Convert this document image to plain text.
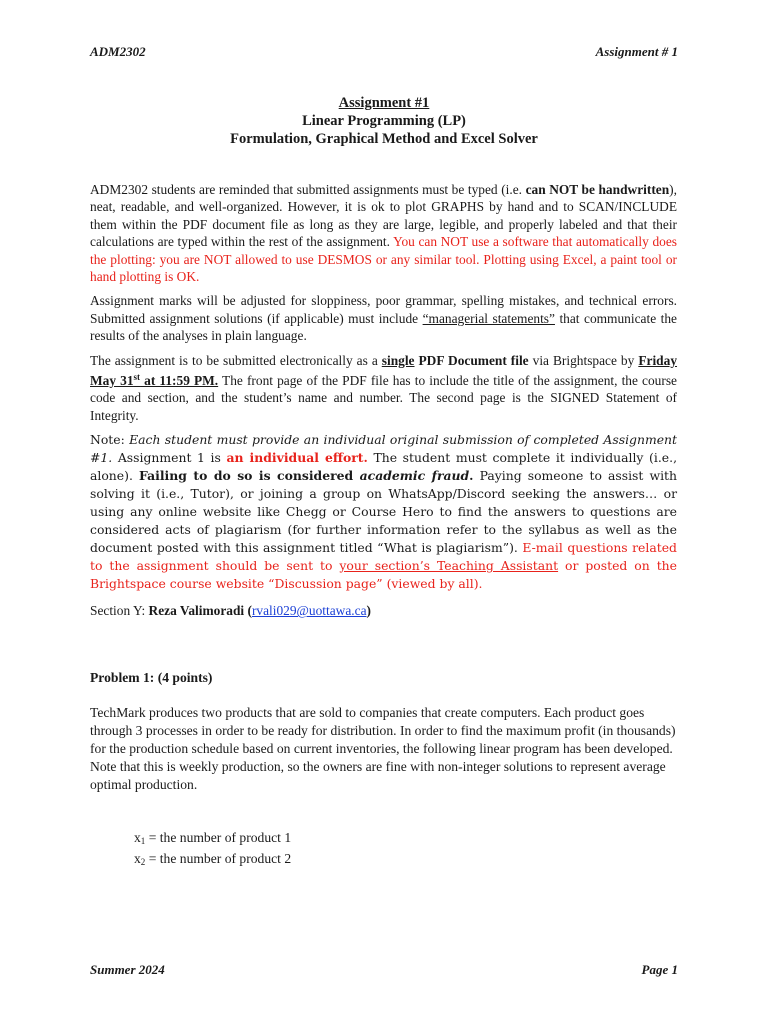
ADM2302	Assignment # 1
Assignment #1
Linear Programming (LP)
Formulation, Graphical Method and Excel Solver

ADM2302 students are reminded that submitted assignments must be typed (i.e. can NOT be handwritten), neat, readable, and well-organized. However, it is ok to plot GRAPHS by hand and to SCAN/INCLUDE them within the PDF document file as long as they are large, legible, and properly labeled and that their calculations are typed within the rest of the assignment. You can NOT use a software that automatically does the plotting: you are NOT allowed to use DESMOS or any similar tool. Plotting using Excel, a paint tool or hand plotting is OK.

Assignment marks will be adjusted for sloppiness, poor grammar, spelling mistakes, and technical errors. Submitted assignment solutions (if applicable) must include “managerial statements” that communicate the results of the analyses in plain language.

The assignment is to be submitted electronically as a single PDF Document file via Brightspace by Friday May 31st at 11:59 PM. The front page of the PDF file has to include the title of the assignment, the course code and section, and the student’s name and number. The second page is the SIGNED Statement of Integrity.

Note: Each student must provide an individual original submission of completed Assignment #1. Assignment 1 is an individual effort. The student must complete it individually (i.e., alone). Failing to do so is considered academic fraud. Paying someone to assist with solving it (i.e., Tutor), or joining a group on WhatsApp/Discord seeking the answers… or using any online website like Chegg or Course Hero to find the answers to questions are considered acts of plagiarism (for further information refer to the syllabus as well as the document posted with this assignment titled “What is plagiarism”). E-mail questions related to the assignment should be sent to your section’s Teaching Assistant or posted on the Brightspace course website “Discussion page” (viewed by all).

Section Y: Reza Valimoradi (rvali029@uottawa.ca)

Problem 1: (4 points)
TechMark produces two products that are sold to companies that create computers. Each product goes through 3 processes in order to be ready for distribution. In order to find the maximum profit (in thousands) for the production schedule based on current inventories, the following linear program has been developed. Note that this is weekly production, so the owners are fine with non-integer solutions to represent average optimal production.
$x_1$ = the number of product 1
$x_2$ = the number of product 2
Summer 2024	Page 1
